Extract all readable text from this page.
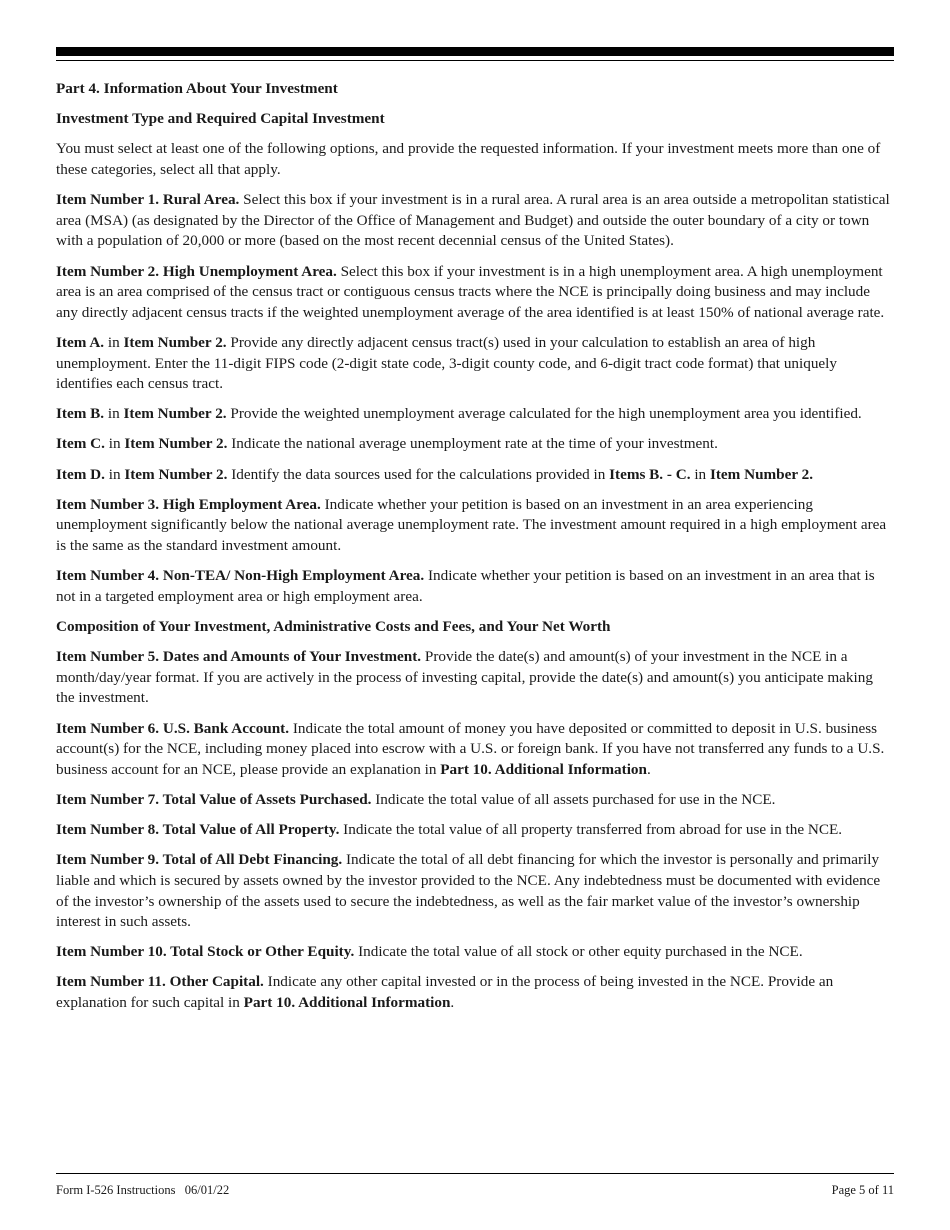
Part 4. Information About Your Investment

Investment Type and Required Capital Investment

You must select at least one of the following options, and provide the requested information. If your investment meets more than one of these categories, select all that apply.

Item Number 1. Rural Area. Select this box if your investment is in a rural area. A rural area is an area outside a metropolitan statistical area (MSA) (as designated by the Director of the Office of Management and Budget) and outside the outer boundary of a city or town with a population of 20,000 or more (based on the most recent decennial census of the United States).

Item Number 2. High Unemployment Area. Select this box if your investment is in a high unemployment area. A high unemployment area is an area comprised of the census tract or contiguous census tracts where the NCE is principally doing business and may include any directly adjacent census tracts if the weighted unemployment average of the area identified is at least 150% of national average rate.

Item A. in Item Number 2. Provide any directly adjacent census tract(s) used in your calculation to establish an area of high unemployment. Enter the 11-digit FIPS code (2-digit state code, 3-digit county code, and 6-digit tract code format) that uniquely identifies each census tract.

Item B. in Item Number 2. Provide the weighted unemployment average calculated for the high unemployment area you identified.

Item C. in Item Number 2. Indicate the national average unemployment rate at the time of your investment.

Item D. in Item Number 2. Identify the data sources used for the calculations provided in Items B. - C. in Item Number 2.

Item Number 3. High Employment Area. Indicate whether your petition is based on an investment in an area experiencing unemployment significantly below the national average unemployment rate. The investment amount required in a high employment area is the same as the standard investment amount.

Item Number 4. Non-TEA/ Non-High Employment Area. Indicate whether your petition is based on an investment in an area that is not in a targeted employment area or high employment area.

Composition of Your Investment, Administrative Costs and Fees, and Your Net Worth

Item Number 5. Dates and Amounts of Your Investment. Provide the date(s) and amount(s) of your investment in the NCE in a month/day/year format. If you are actively in the process of investing capital, provide the date(s) and amount(s) you anticipate making the investment.

Item Number 6. U.S. Bank Account. Indicate the total amount of money you have deposited or committed to deposit in U.S. business account(s) for the NCE, including money placed into escrow with a U.S. or foreign bank. If you have not transferred any funds to a U.S. business account for an NCE, please provide an explanation in Part 10. Additional Information.

Item Number 7. Total Value of Assets Purchased. Indicate the total value of all assets purchased for use in the NCE.

Item Number 8. Total Value of All Property. Indicate the total value of all property transferred from abroad for use in the NCE.

Item Number 9. Total of All Debt Financing. Indicate the total of all debt financing for which the investor is personally and primarily liable and which is secured by assets owned by the investor provided to the NCE. Any indebtedness must be documented with evidence of the investor’s ownership of the assets used to secure the indebtedness, as well as the fair market value of the investor’s ownership interest in such assets.

Item Number 10. Total Stock or Other Equity. Indicate the total value of all stock or other equity purchased in the NCE.

Item Number 11. Other Capital. Indicate any other capital invested or in the process of being invested in the NCE. Provide an explanation for such capital in Part 10. Additional Information.

Form I-526 Instructions   06/01/22	Page 5 of 11
